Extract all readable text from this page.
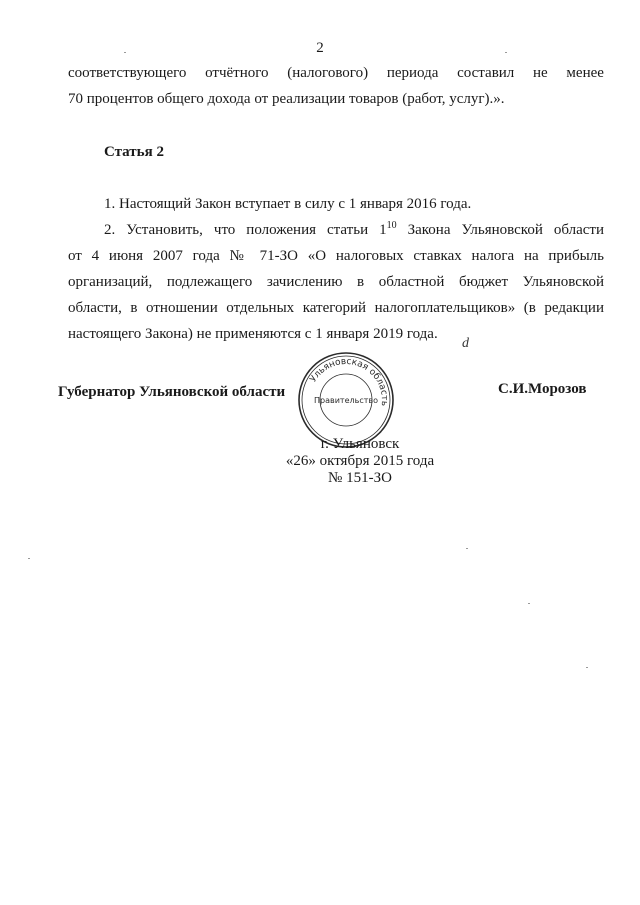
2
соответствующего отчётного (налогового) периода составил не менее
70 процентов общего дохода от реализации товаров (работ, услуг).».
Статья 2
1. Настоящий Закон вступает в силу с 1 января 2016 года.
2. Установить, что положения статьи $1^{10}$ Закона Ульяновской области
от 4 июня 2007 года № 71-ЗО «О налоговых ставках налога на прибыль
организаций, подлежащего зачислению в областной бюджет Ульяновской
области, в отношении отдельных категорий налогоплательщиков» (в редакции
настоящего Закона) не применяются с 1 января 2019 года.
d
Ульяновская область
Правительство
Губернатор Ульяновской области	С.И.Морозов
г. Ульяновск
«26» октября 2015 года
№ 151-ЗО
